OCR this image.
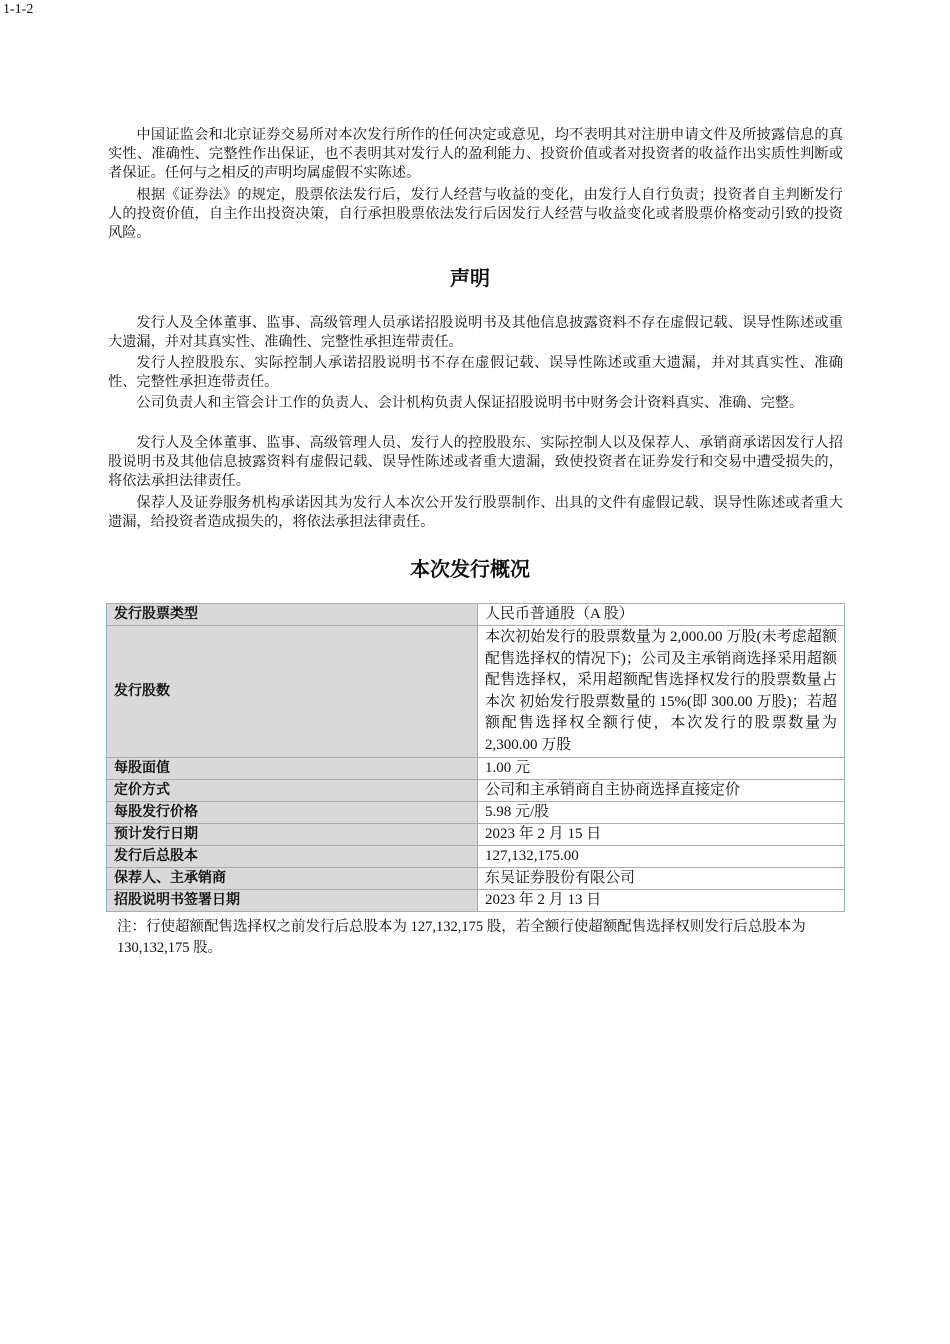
1-1-2

中国证监会和北京证券交易所对本次发行所作的任何决定或意见，均不表明其对注册申请文件及所披露信息的真实性、准确性、完整性作出保证，也不表明其对发行人的盈利能力、投资价值或者对投资者的收益作出实质性判断或者保证。任何与之相反的声明均属虚假不实陈述。

根据《证券法》的规定，股票依法发行后，发行人经营与收益的变化，由发行人自行负责；投资者自主判断发行人的投资价值，自主作出投资决策，自行承担股票依法发行后因发行人经营与收益变化或者股票价格变动引致的投资风险。

声明

发行人及全体董事、监事、高级管理人员承诺招股说明书及其他信息披露资料不存在虚假记载、误导性陈述或重大遗漏，并对其真实性、准确性、完整性承担连带责任。

发行人控股股东、实际控制人承诺招股说明书不存在虚假记载、误导性陈述或重大遗漏，并对其真实性、准确性、完整性承担连带责任。

公司负责人和主管会计工作的负责人、会计机构负责人保证招股说明书中财务会计资料真实、准确、完整。

发行人及全体董事、监事、高级管理人员、发行人的控股股东、实际控制人以及保荐人、承销商承诺因发行人招股说明书及其他信息披露资料有虚假记载、误导性陈述或者重大遗漏，致使投资者在证券发行和交易中遭受损失的，将依法承担法律责任。

保荐人及证券服务机构承诺因其为发行人本次公开发行股票制作、出具的文件有虚假记载、误导性陈述或者重大遗漏，给投资者造成损失的，将依法承担法律责任。

本次发行概况
发行股票类型	人民币普通股（A 股）
发行股数	本次初始发行的股票数量为 2,000.00 万股(未考虑超额配售选择权的情况下)；公司及主承销商选择采用超额配售选择权，采用超额配售选择权发行的股票数量占本次 初始发行股票数量的 15%(即 300.00 万股)；若超额配售选择权全额行使，本次发行的股票数量为 2,300.00 万股

每股面值	1.00 元
定价方式	公司和主承销商自主协商选择直接定价
每股发行价格	5.98 元/股
预计发行日期	2023 年 2 月 15 日
发行后总股本	127,132,175.00
保荐人、主承销商	东吴证券股份有限公司
招股说明书签署日期	2023 年 2 月 13 日

注：行使超额配售选择权之前发行后总股本为 127,132,175 股，若全额行使超额配售选择权则发行后总股本为 130,132,175 股。
